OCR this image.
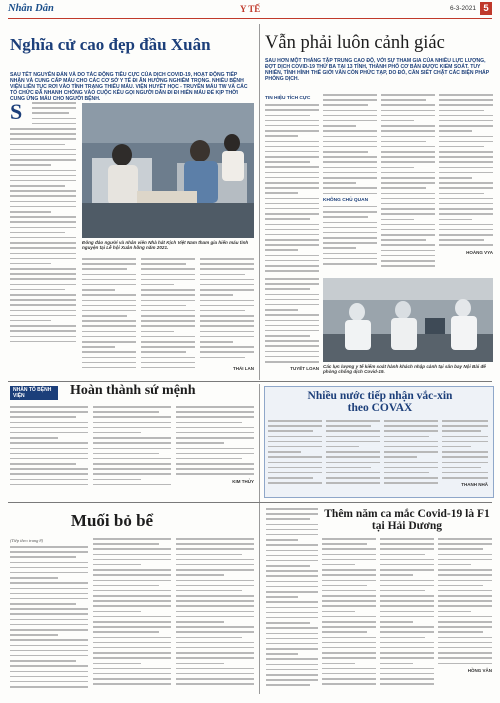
Nhân Dân	Y TẾ	6-3-2021 5
Nghĩa cử cao đẹp đầu Xuân
SAU TẾT NGUYÊN ĐÁN VÀ DO TÁC ĐỘNG TIÊU CỰC CỦA DỊCH COVID-19, HOẠT ĐỘNG TIẾP NHẬN VÀ CUNG CẤP MÁU CHO CÁC CƠ SỞ Y TẾ ĐI ĂN HƯỚNG NGHIÊM TRỌNG. NHIỀU BỆNH VIỆN LIÊN TỤC RƠI VÀO TÌNH TRẠNG THIẾU MÁU. VIỆN HUYẾT HỌC - TRUYỀN MÁU TW VÀ CÁC TỔ CHỨC ĐÃ NHANH CHÓNG VÀO CUỘC KÊU GỌI NGƯỜI DÂN ĐI ĐI HIẾN MÁU ĐỂ KỊP THỜI CUNG ỨNG MÁU CHO NGƯỜI BỆNH.
S
Đông đảo người và nhân viên Nhà hát Kịch Việt Nam tham gia hiến máu tình nguyện tại Lễ hội Xuân hồng năm 2021.
THÁI LAN
Vẫn phải luôn cảnh giác
SAU HƠN MỘT THÁNG TẬP TRUNG CAO ĐỘ, VỚI SỰ THAM GIA CỦA NHIỀU LỰC LƯỢNG, ĐỢT DỊCH COVID-19 THỨ BA TẠI 13 TỈNH, THÀNH PHỐ CƠ BẢN ĐƯỢC KIỂM SOÁT. TUY NHIÊN, TÌNH HÌNH THẾ GIỚI VẪN CÒN PHỨC TẠP, DO ĐÓ, CẦN SIẾT CHẶT CÁC BIỆN PHÁP PHÒNG DỊCH.
TIN HIỆU TÍCH CỰC
KHÔNG CHỦ QUAN
HOÀNG VYA
TUYẾT LOAN Các lực lượng y tế kiểm soát hành khách nhập cảnh tại sân bay Nội Bài để phòng chống dịch Covid-19.
NHÂN TỐ BỆNH VIỆN	Hoàn thành sứ mệnh
KIM THỦY
Nhiều nước tiếp nhận vắc-xin theo COVAX
THANH NHÃ
Muối bỏ bể
(Tiếp theo trang 8)
Thêm năm ca mắc Covid-19 là F1 tại Hải Dương
HỒNG VÂN
